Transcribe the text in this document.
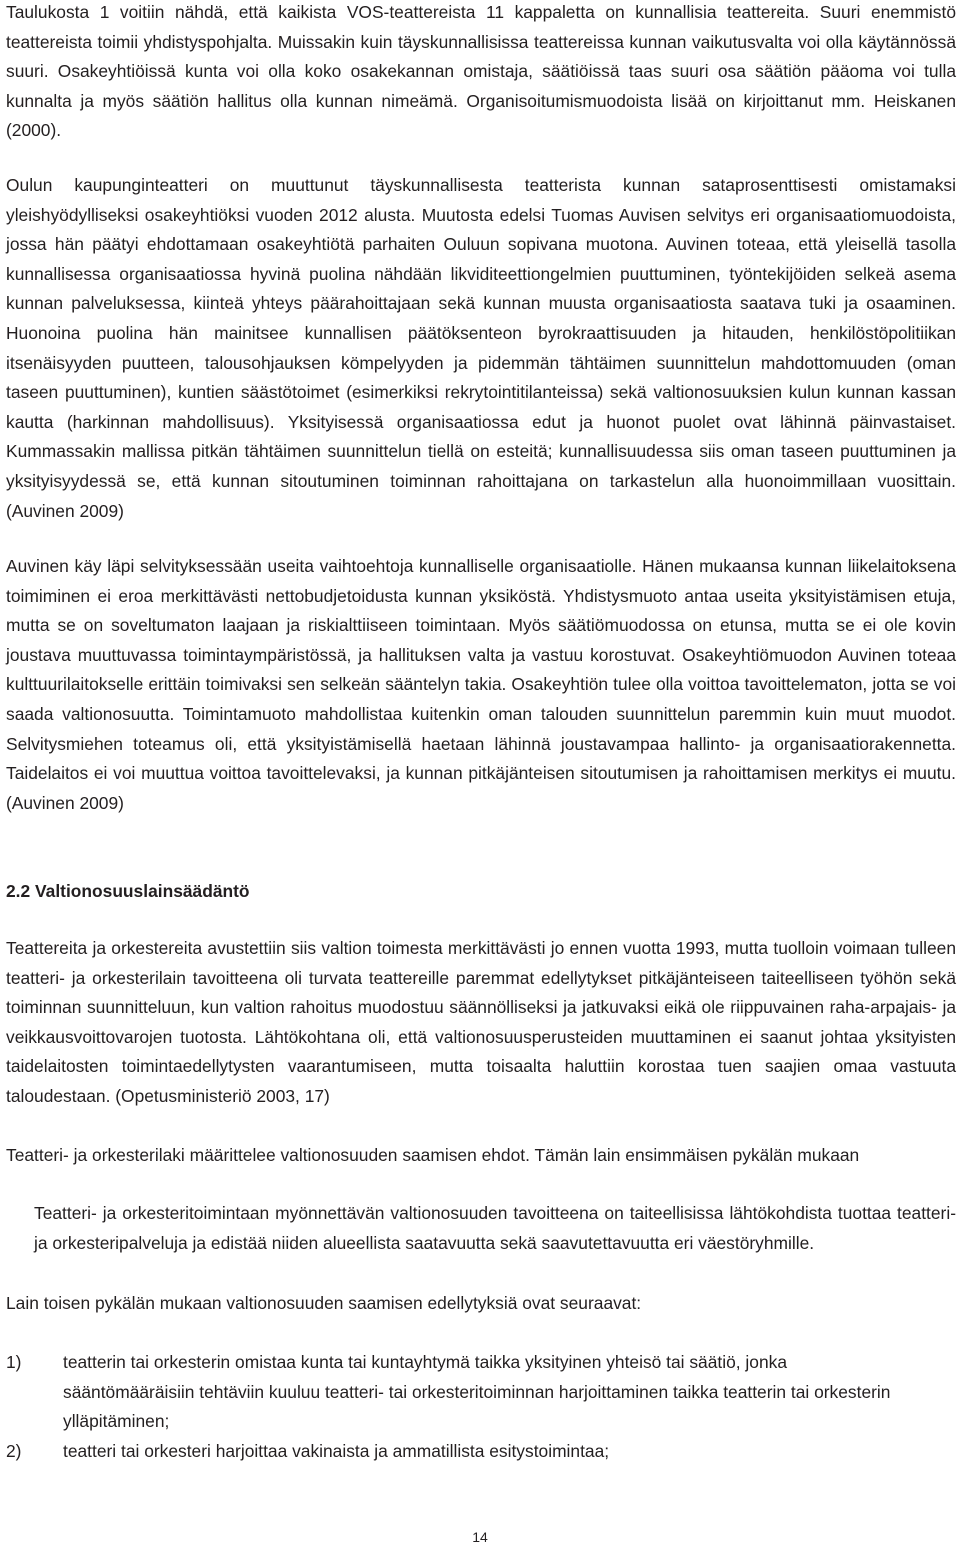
Taulukosta 1 voitiin nähdä, että kaikista VOS-teattereista 11 kappaletta on kunnallisia teattereita. Suuri enemmistö teattereista toimii yhdistyspohjalta. Muissakin kuin täyskunnallisissa teattereissa kunnan vaikutusvalta voi olla käytännössä suuri. Osakeyhtiöissä kunta voi olla koko osakekannan omistaja, säätiöissä taas suuri osa säätiön pääoma voi tulla kunnalta ja myös säätiön hallitus olla kunnan nimeämä. Organisoitumismuodoista lisää on kirjoittanut mm. Heiskanen (2000).

Oulun kaupunginteatteri on muuttunut täyskunnallisesta teatterista kunnan sataprosenttisesti omistamaksi yleishyödylliseksi osakeyhtiöksi vuoden 2012 alusta. Muutosta edelsi Tuomas Auvisen selvitys eri organisaatiomuodoista, jossa hän päätyi ehdottamaan osakeyhtiötä parhaiten Ouluun sopivana muotona. Auvinen toteaa, että yleisellä tasolla kunnallisessa organisaatiossa hyvinä puolina nähdään likviditeettiongelmien puuttuminen, työntekijöiden selkeä asema kunnan palveluksessa, kiinteä yhteys päärahoittajaan sekä kunnan muusta organisaatiosta saatava tuki ja osaaminen. Huonoina puolina hän mainitsee kunnallisen päätöksenteon byrokraattisuuden ja hitauden, henkilöstöpolitiikan itsenäisyyden puutteen, talousohjauksen kömpelyyden ja pidemmän tähtäimen suunnittelun mahdottomuuden (oman taseen puuttuminen), kuntien säästötoimet (esimerkiksi rekrytointitilanteissa) sekä valtionosuuksien kulun kunnan kassan kautta (harkinnan mahdollisuus). Yksityisessä organisaatiossa edut ja huonot puolet ovat lähinnä päinvastaiset. Kummassakin mallissa pitkän tähtäimen suunnittelun tiellä on esteitä; kunnallisuudessa siis oman taseen puuttuminen ja yksityisyydessä se, että kunnan sitoutuminen toiminnan rahoittajana on tarkastelun alla huonoimmillaan vuosittain. (Auvinen 2009)

Auvinen käy läpi selvityksessään useita vaihtoehtoja kunnalliselle organisaatiolle. Hänen mukaansa kunnan liikelaitoksena toimiminen ei eroa merkittävästi nettobudjetoidusta kunnan yksiköstä. Yhdistysmuoto antaa useita yksityistämisen etuja, mutta se on soveltumaton laajaan ja riskialttiiseen toimintaan. Myös säätiömuodossa on etunsa, mutta se ei ole kovin joustava muuttuvassa toimintaympäristössä, ja hallituksen valta ja vastuu korostuvat. Osakeyhtiömuodon Auvinen toteaa kulttuurilaitokselle erittäin toimivaksi sen selkeän sääntelyn takia. Osakeyhtiön tulee olla voittoa tavoittelematon, jotta se voi saada valtionosuutta. Toimintamuoto mahdollistaa kuitenkin oman talouden suunnittelun paremmin kuin muut muodot. Selvitysmiehen toteamus oli, että yksityistämisellä haetaan lähinnä joustavampaa hallinto- ja organisaatiorakennetta. Taidelaitos ei voi muuttua voittoa tavoittelevaksi, ja kunnan pitkäjänteisen sitoutumisen ja rahoittamisen merkitys ei muutu. (Auvinen 2009)

2.2 Valtionosuuslainsäädäntö

Teattereita ja orkestereita avustettiin siis valtion toimesta merkittävästi jo ennen vuotta 1993, mutta tuolloin voimaan tulleen teatteri- ja orkesterilain tavoitteena oli turvata teattereille paremmat edellytykset pitkäjänteiseen taiteelliseen työhön sekä toiminnan suunnitteluun, kun valtion rahoitus muodostuu säännölliseksi ja jatkuvaksi eikä ole riippuvainen raha-arpajais- ja veikkausvoittovarojen tuotosta. Lähtökohtana oli, että valtionosuusperusteiden muuttaminen ei saanut johtaa yksityisten taidelaitosten toimintaedellytysten vaarantumiseen, mutta toisaalta haluttiin korostaa tuen saajien omaa vastuuta taloudestaan. (Opetusministeriö 2003, 17)

Teatteri- ja orkesterilaki määrittelee valtionosuuden saamisen ehdot. Tämän lain ensimmäisen pykälän mukaan

Teatteri- ja orkesteritoimintaan myönnettävän valtionosuuden tavoitteena on taiteellisissa lähtökohdista tuottaa teatteri- ja orkesteripalveluja ja edistää niiden alueellista saatavuutta sekä saavutettavuutta eri väestöryhmille.

Lain toisen pykälän mukaan valtionosuuden saamisen edellytyksiä ovat seuraavat:

1) teatterin tai orkesterin omistaa kunta tai kuntayhtymä taikka yksityinen yhteisö tai säätiö, jonka sääntömääräisiin tehtäviin kuuluu teatteri- tai orkesteritoiminnan harjoittaminen taikka teatterin tai orkesterin ylläpitäminen;
2) teatteri tai orkesteri harjoittaa vakinaista ja ammatillista esitystoimintaa;
14
